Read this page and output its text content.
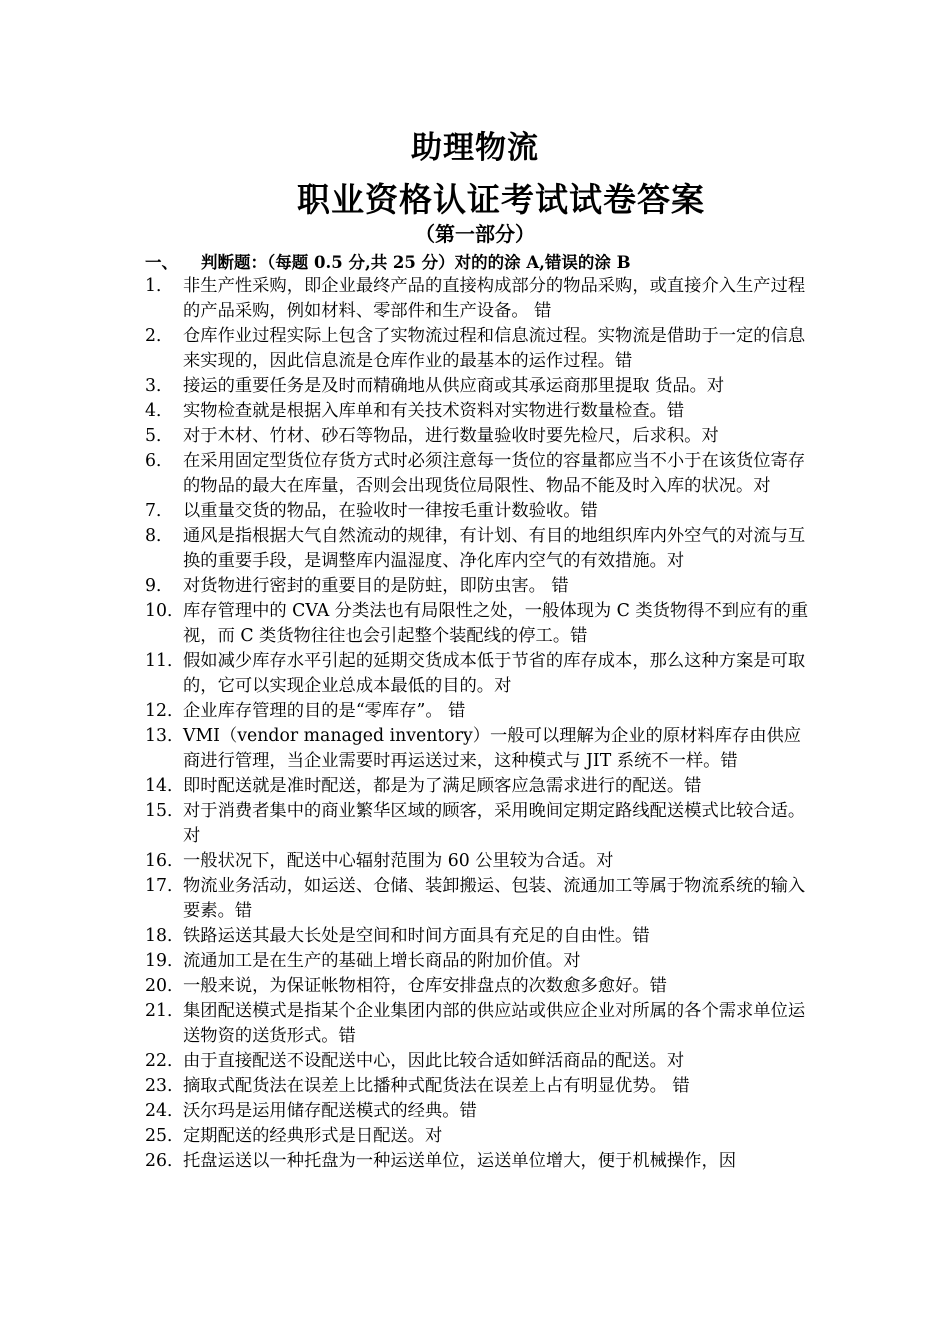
助理物流
职业资格认证考试试卷答案
（第一部分）
一、 判断题：（每题 0.5 分,共 25 分）对的的涂 A,错误的涂 B
1． 非生产性采购，即企业最终产品的直接构成部分的物品采购，或直接介入生产过程的产品采购，例如材料、零部件和生产设备。 错
2． 仓库作业过程实际上包含了实物流过程和信息流过程。实物流是借助于一定的信息来实现的，因此信息流是仓库作业的最基本的运作过程。错
3． 接运的重要任务是及时而精确地从供应商或其承运商那里提取 货品。对
4． 实物检查就是根据入库单和有关技术资料对实物进行数量检查。错
5． 对于木材、竹材、砂石等物品，进行数量验收时要先检尺，后求积。对
6． 在采用固定型货位存货方式时必须注意每一货位的容量都应当不小于在该货位寄存的物品的最大在库量，否则会出现货位局限性、物品不能及时入库的状况。对
7． 以重量交货的物品，在验收时一律按毛重计数验收。错
8． 通风是指根据大气自然流动的规律，有计划、有目的地组织库内外空气的对流与互换的重要手段，是调整库内温湿度、净化库内空气的有效措施。对
9． 对货物进行密封的重要目的是防蛀，即防虫害。 错
10．
库存管理中的 CVA 分类法也有局限性之处，一般体现为 C 类货物得不到应有的重视，而 C 类货物往往也会引起整个装配线的停工。错
11．
假如减少库存水平引起的延期交货成本低于节省的库存成本，那么这种方案是可取的，它可以实现企业总成本最低的目的。对
12．
企业库存管理的目的是“零库存”。 错
13．
VMI（vendor managed inventory）一般可以理解为企业的原材料库存由供应商进行管理，当企业需要时再运送过来，这种模式与 JIT 系统不一样。错
14．
即时配送就是准时配送，都是为了满足顾客应急需求进行的配送。错
15．
对于消费者集中的商业繁华区域的顾客，采用晚间定期定路线配送模式比较合适。对
16．
一般状况下，配送中心辐射范围为 60 公里较为合适。对
17．
物流业务活动，如运送、仓储、装卸搬运、包装、流通加工等属于物流系统的输入要素。错
18．
铁路运送其最大长处是空间和时间方面具有充足的自由性。错
19．
流通加工是在生产的基础上增长商品的附加价值。对
20．
一般来说，为保证帐物相符，仓库安排盘点的次数愈多愈好。错
21．
集团配送模式是指某个企业集团内部的供应站或供应企业对所属的各个需求单位运送物资的送货形式。错
22．
由于直接配送不设配送中心，因此比较合适如鲜活商品的配送。对
23. 摘取式配货法在误差上比播种式配货法在误差上占有明显优势。 错
24．
沃尔玛是运用储存配送模式的经典。错
25．
定期配送的经典形式是日配送。对
26．
托盘运送以一种托盘为一种运送单位，运送单位增大，便于机械操作，因
